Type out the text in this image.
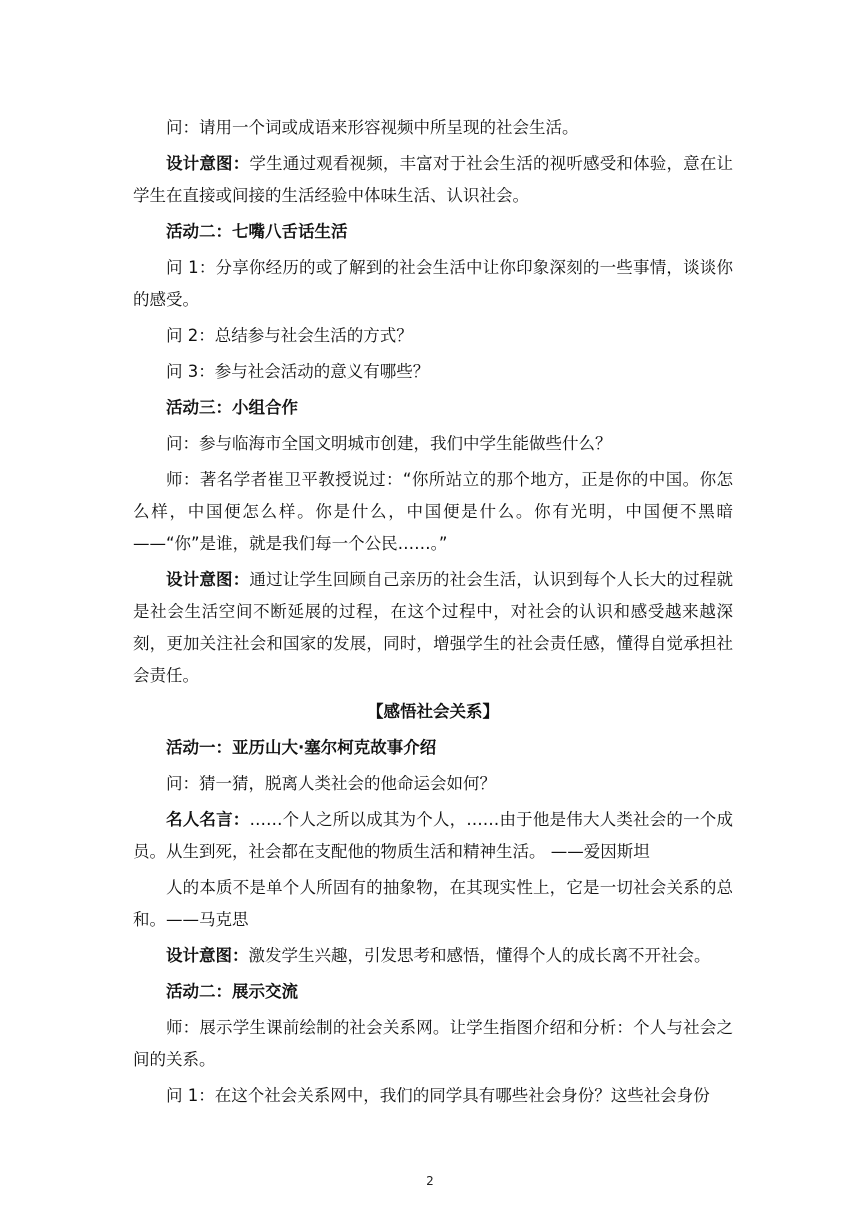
问：请用一个词或成语来形容视频中所呈现的社会生活。

设计意图：学生通过观看视频，丰富对于社会生活的视听感受和体验，意在让学生在直接或间接的生活经验中体味生活、认识社会。

活动二：七嘴八舌话生活

问 1：分享你经历的或了解到的社会生活中让你印象深刻的一些事情，谈谈你的感受。

问 2：总结参与社会生活的方式？

问 3：参与社会活动的意义有哪些？

活动三：小组合作

问：参与临海市全国文明城市创建，我们中学生能做些什么？

师：著名学者崔卫平教授说过：“你所站立的那个地方，正是你的中国。你怎么样，中国便怎么样。你是什么，中国便是什么。你有光明，中国便不黑暗——“你”是谁，就是我们每一个公民……。”

设计意图：通过让学生回顾自己亲历的社会生活，认识到每个人长大的过程就是社会生活空间不断延展的过程，在这个过程中，对社会的认识和感受越来越深刻，更加关注社会和国家的发展，同时，增强学生的社会责任感，懂得自觉承担社会责任。

【感悟社会关系】

活动一：亚历山大·塞尔柯克故事介绍

问：猜一猜，脱离人类社会的他命运会如何？

名人名言：……个人之所以成其为个人，……由于他是伟大人类社会的一个成员。从生到死，社会都在支配他的物质生活和精神生活。 ——爱因斯坦

人的本质不是单个人所固有的抽象物，在其现实性上，它是一切社会关系的总和。——马克思

设计意图：激发学生兴趣，引发思考和感悟，懂得个人的成长离不开社会。

活动二：展示交流

师：展示学生课前绘制的社会关系网。让学生指图介绍和分析：个人与社会之间的关系。

问 1：在这个社会关系网中，我们的同学具有哪些社会身份？这些社会身份

2
